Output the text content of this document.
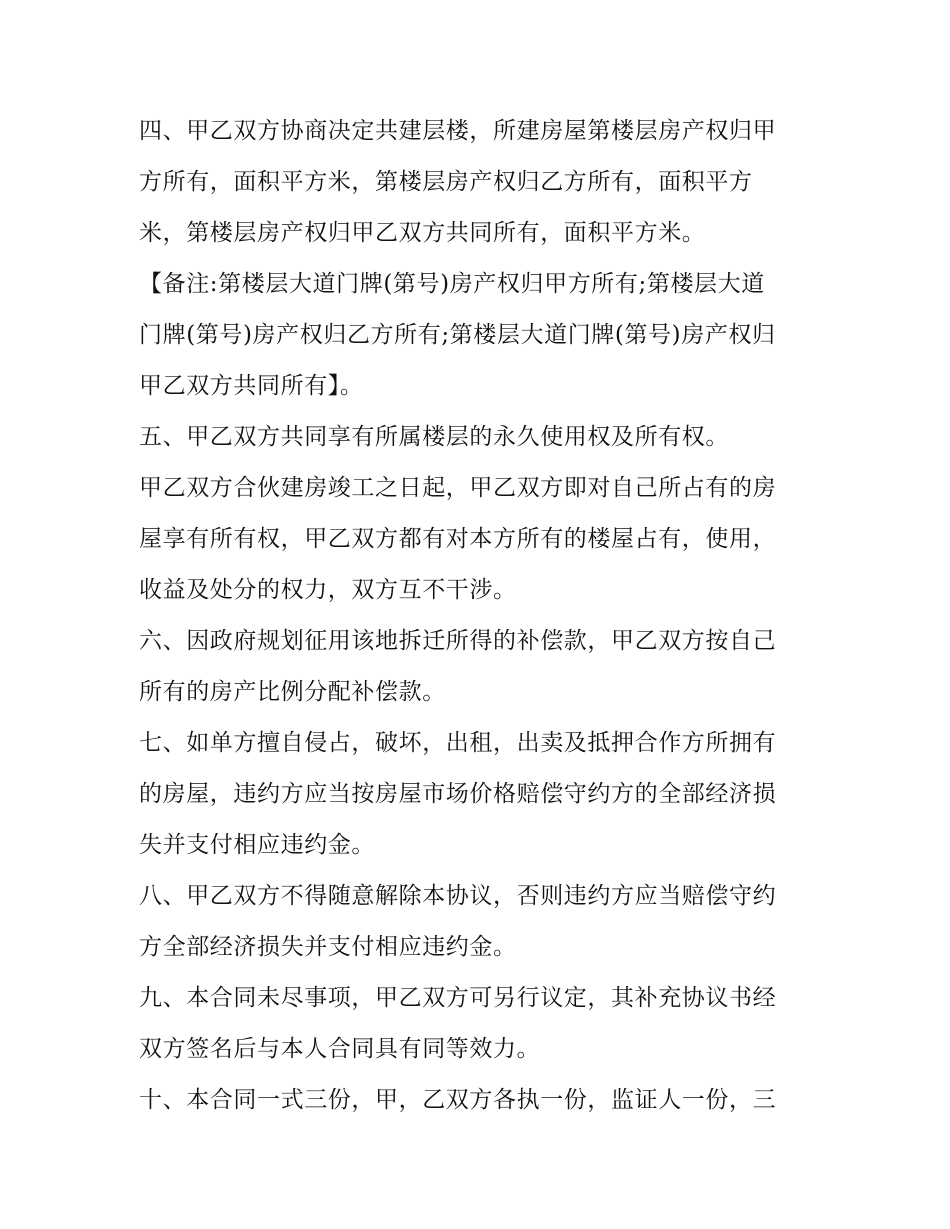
四、甲乙双方协商决定共建层楼，所建房屋第楼层房产权归甲
方所有，面积平方米，第楼层房产权归乙方所有，面积平方
米，第楼层房产权归甲乙双方共同所有，面积平方米。
【备注:第楼层大道门牌(第号)房产权归甲方所有;第楼层大道
门牌(第号)房产权归乙方所有;第楼层大道门牌(第号)房产权归
甲乙双方共同所有】。
五、甲乙双方共同享有所属楼层的永久使用权及所有权。
甲乙双方合伙建房竣工之日起，甲乙双方即对自己所占有的房
屋享有所有权，甲乙双方都有对本方所有的楼屋占有，使用，
收益及处分的权力，双方互不干涉。
六、因政府规划征用该地拆迁所得的补偿款，甲乙双方按自己
所有的房产比例分配补偿款。
七、如单方擅自侵占，破坏，出租，出卖及抵押合作方所拥有
的房屋，违约方应当按房屋市场价格赔偿守约方的全部经济损
失并支付相应违约金。
八、甲乙双方不得随意解除本协议，否则违约方应当赔偿守约
方全部经济损失并支付相应违约金。
九、本合同未尽事项，甲乙双方可另行议定，其补充协议书经
双方签名后与本人合同具有同等效力。
十、本合同一式三份，甲，乙双方各执一份，监证人一份，三
